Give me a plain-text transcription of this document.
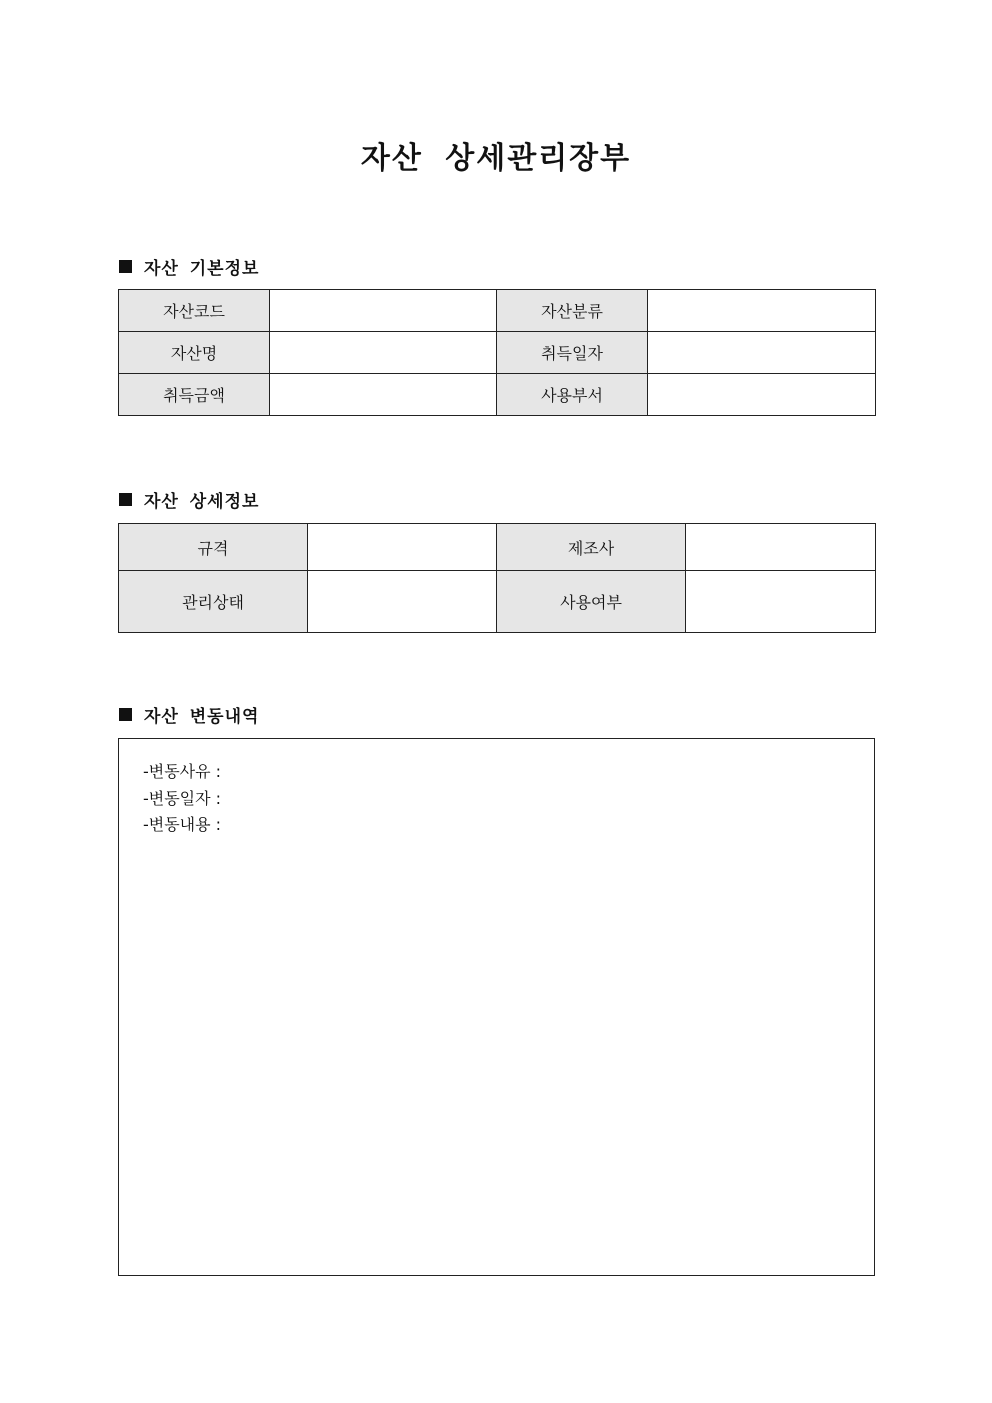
자산 상세관리장부
자산 기본정보
자산코드		자산분류	
자산명		취득일자	
취득금액		사용부서	
자산 상세정보
규격		제조사	
관리상태		사용여부	
자산 변동내역
-변동사유 :
-변동일자 :
-변동내용 :
